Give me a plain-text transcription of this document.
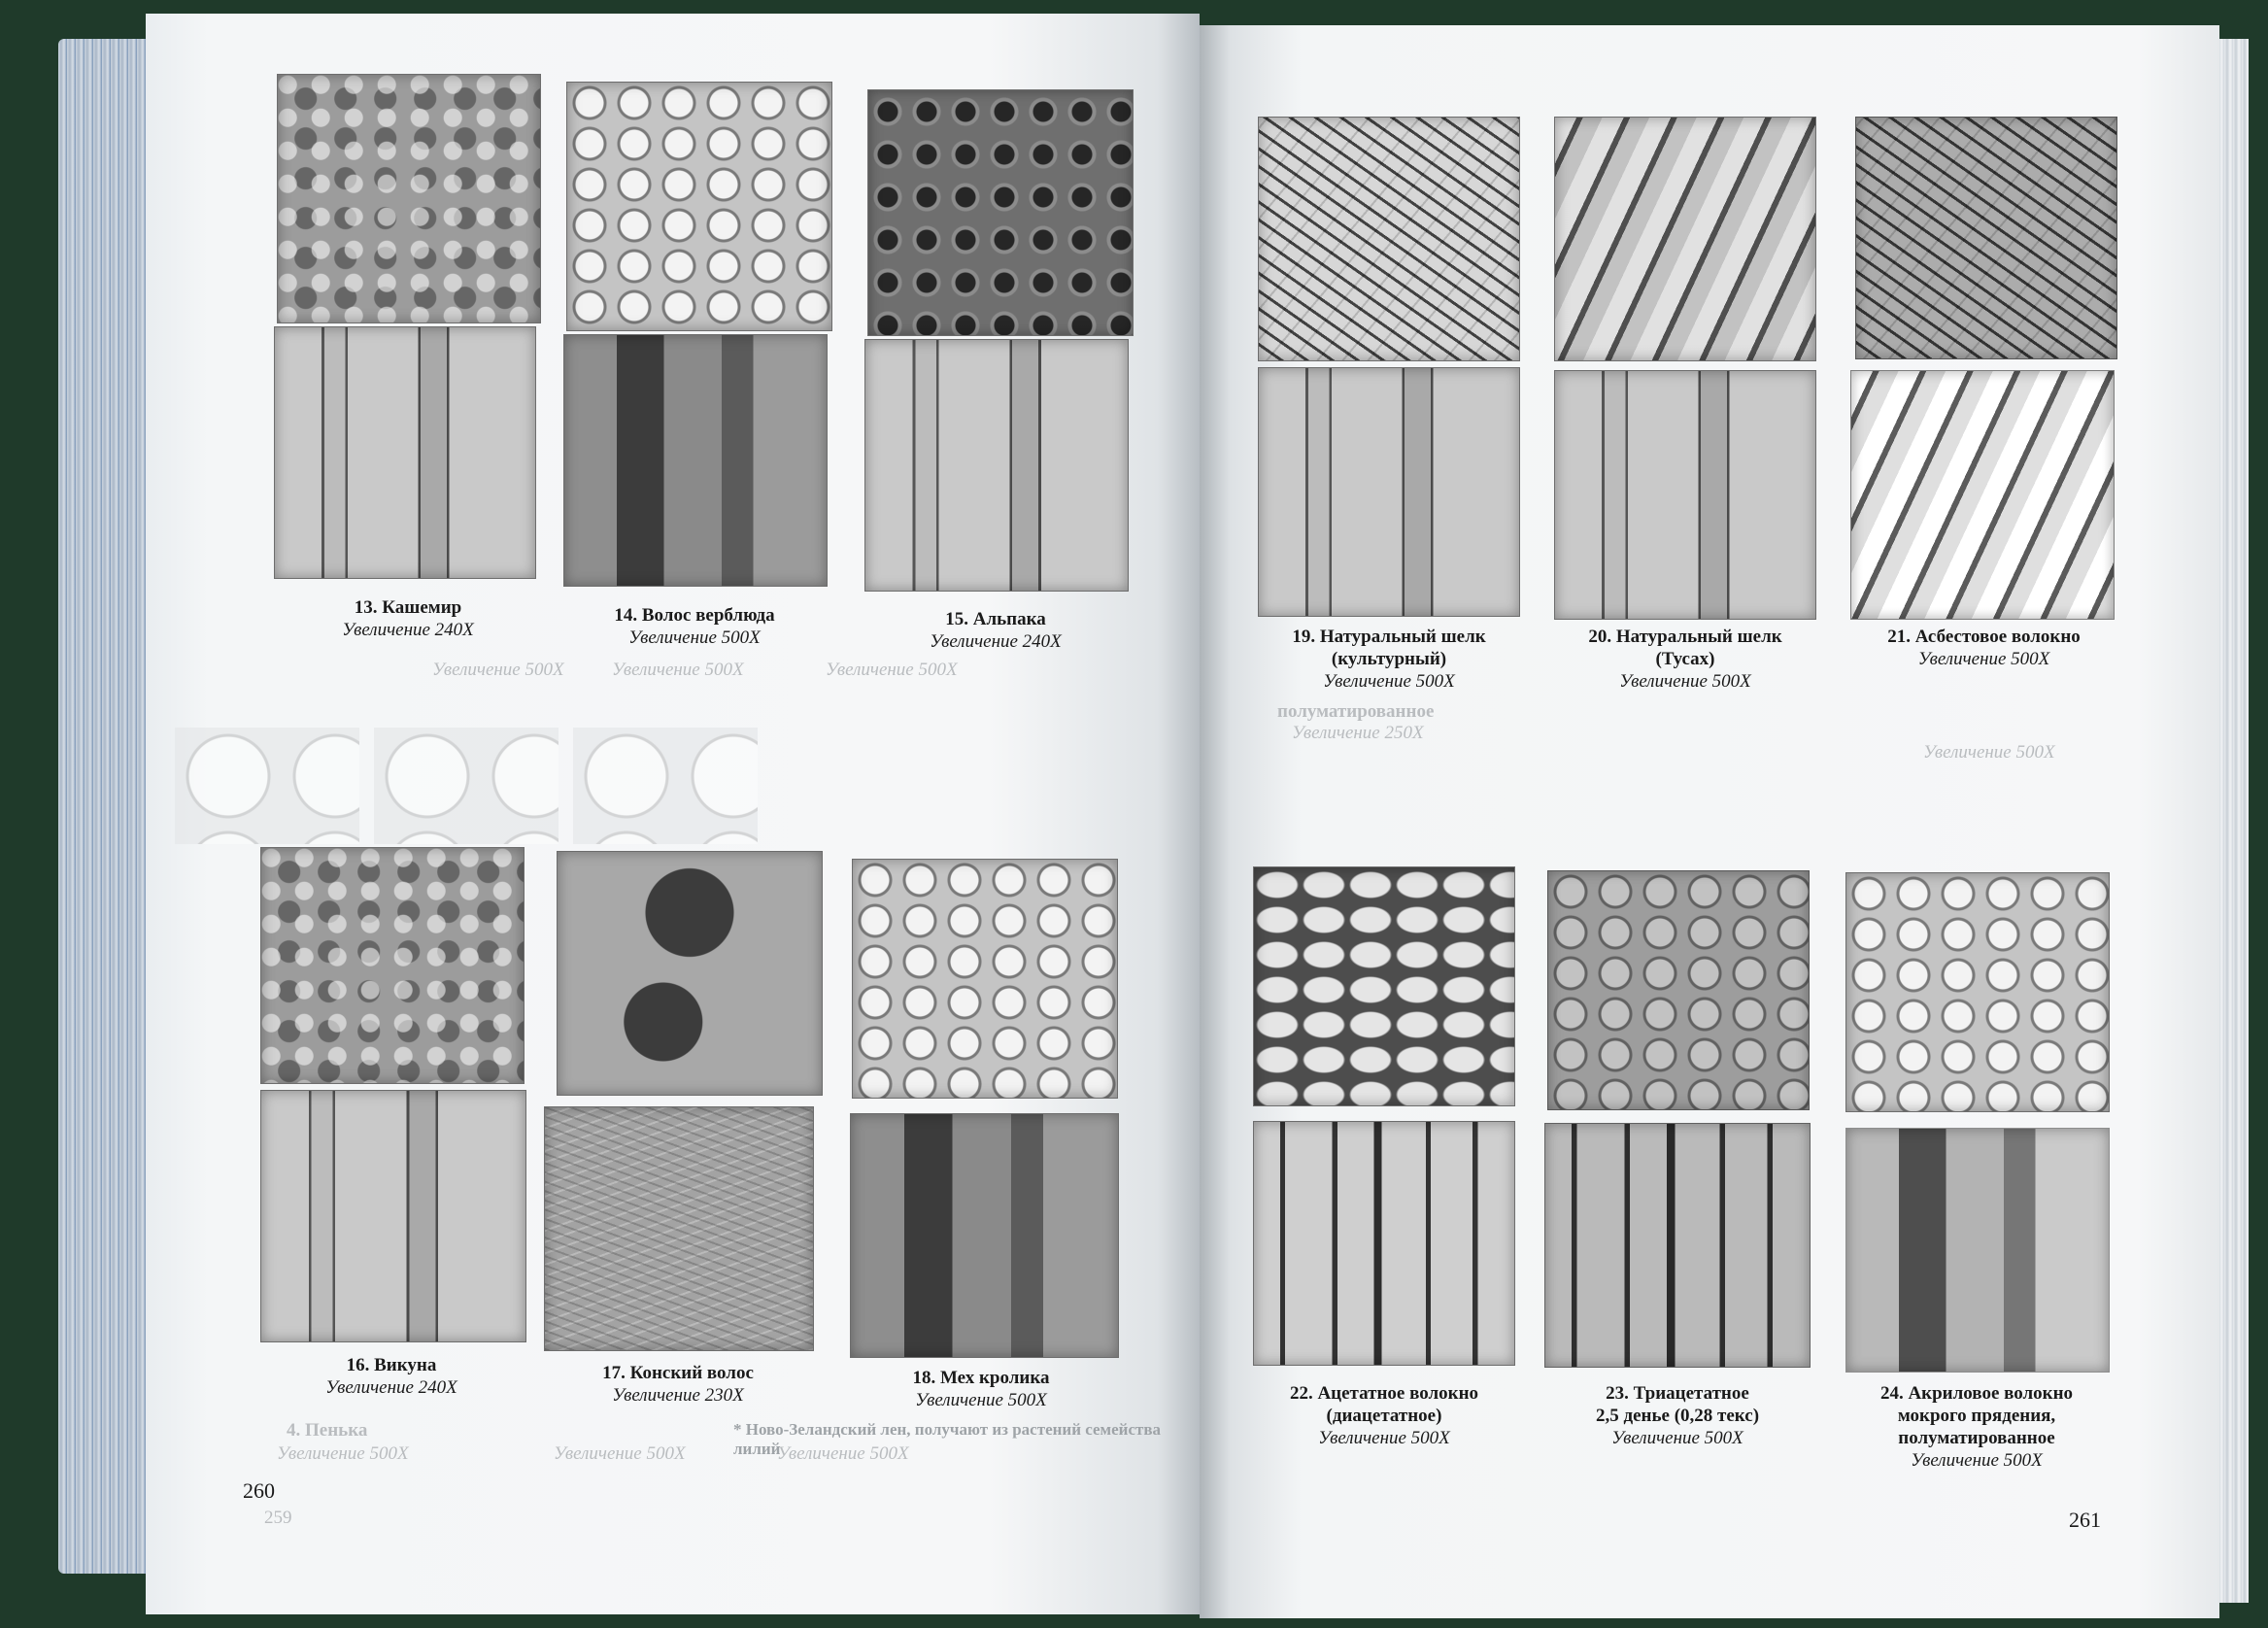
Увеличение 500X	Увеличение 500X	Увеличение 500X
13. Кашемир
Увеличение 240X
14. Волос верблюда
Увеличение 500X
15. Альпака
Увеличение 240X
16. Викуна
Увеличение 240X
17. Конский волос
Увеличение 230X
18. Мех кролика
Увеличение 500X
4. Пенька
Увеличение 500X	Увеличение 500X	Увеличение 500X
* Ново-Зеландский лен, получают из растений семейства лилий
260
259
полуматированное
Увеличение 250X
Увеличение 500X
19. Натуральный шелк
(культурный)
Увеличение 500X
20. Натуральный шелк
(Тусах)
Увеличение 500X
21. Асбестовое волокно
Увеличение 500X
22. Ацетатное волокно
(диацетатное)
Увеличение 500X
23. Триацетатное
2,5 денье (0,28 текс)
Увеличение 500X
24. Акриловое волокно
мокрого прядения,
полуматированное
Увеличение 500X
261
